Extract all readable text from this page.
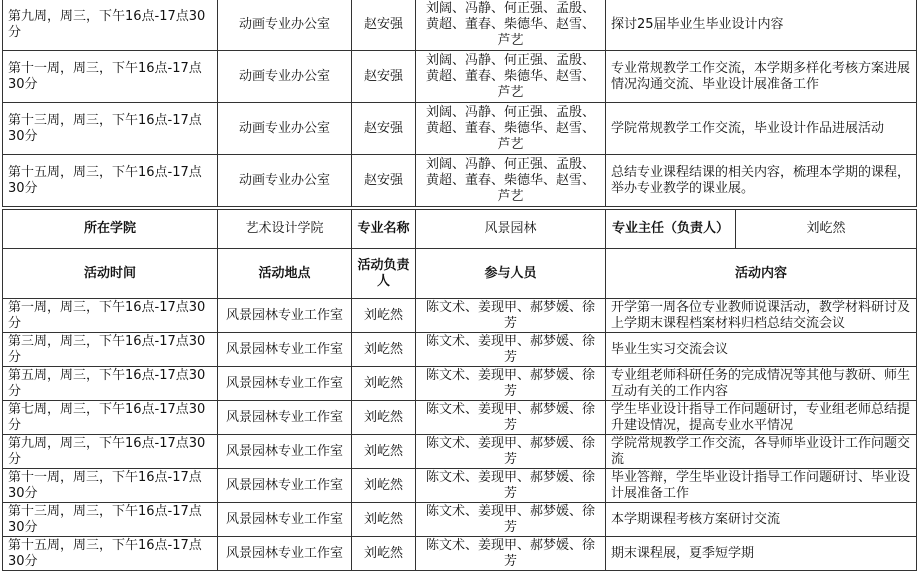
第九周，周三，下午16点-17点30分	动画专业办公室	赵安强	刘阔、冯静、何正强、孟殷、黄超、董春、柴德华、赵雪、芦艺	探讨25届毕业生毕业设计内容
第十一周，周三，下午16点-17点30分	动画专业办公室	赵安强	刘阔、冯静、何正强、孟殷、黄超、董春、柴德华、赵雪、芦艺	专业常规教学工作交流，本学期多样化考核方案进展情况沟通交流、毕业设计展准备工作
第十三周，周三，下午16点-17点30分	动画专业办公室	赵安强	刘阔、冯静、何正强、孟殷、黄超、董春、柴德华、赵雪、芦艺	学院常规教学工作交流，毕业设计作品进展活动
第十五周，周三，下午16点-17点30分	动画专业办公室	赵安强	刘阔、冯静、何正强、孟殷、黄超、董春、柴德华、赵雪、芦艺	总结专业课程结课的相关内容，梳理本学期的课程，举办专业教学的课业展。
所在学院	艺术设计学院	专业名称	风景园林	专业主任（负责人）	刘屹然
活动时间	活动地点	活动负责人	参与人员	活动内容	
第一周，周三，下午16点-17点30分	风景园林专业工作室	刘屹然	陈文术、姜现甲、郝梦媛、徐芳	开学第一周各位专业教师说课活动，教学材料研讨及上学期末课程档案材料归档总结交流会议	
第三周，周三，下午16点-17点30分	风景园林专业工作室	刘屹然	陈文术、姜现甲、郝梦媛、徐芳	毕业生实习交流会议	
第五周，周三，下午16点-17点30分	风景园林专业工作室	刘屹然	陈文术、姜现甲、郝梦媛、徐芳	专业组老师科研任务的完成情况等其他与教研、师生互动有关的工作内容	
第七周，周三，下午16点-17点30分	风景园林专业工作室	刘屹然	陈文术、姜现甲、郝梦媛、徐芳	学生毕业设计指导工作问题研讨，专业组老师总结提升建设情况，提高专业水平情况	
第九周，周三，下午16点-17点30分	风景园林专业工作室	刘屹然	陈文术、姜现甲、郝梦媛、徐芳	学院常规教学工作交流，各导师毕业设计工作问题交流	
第十一周，周三，下午16点-17点30分	风景园林专业工作室	刘屹然	陈文术、姜现甲、郝梦媛、徐芳	毕业答辩，学生毕业设计指导工作问题研讨、毕业设计展准备工作	
第十三周，周三，下午16点-17点30分	风景园林专业工作室	刘屹然	陈文术、姜现甲、郝梦媛、徐芳	本学期课程考核方案研讨交流	
第十五周，周三，下午16点-17点30分	风景园林专业工作室	刘屹然	陈文术、姜现甲、郝梦媛、徐芳	期末课程展，夏季短学期	
